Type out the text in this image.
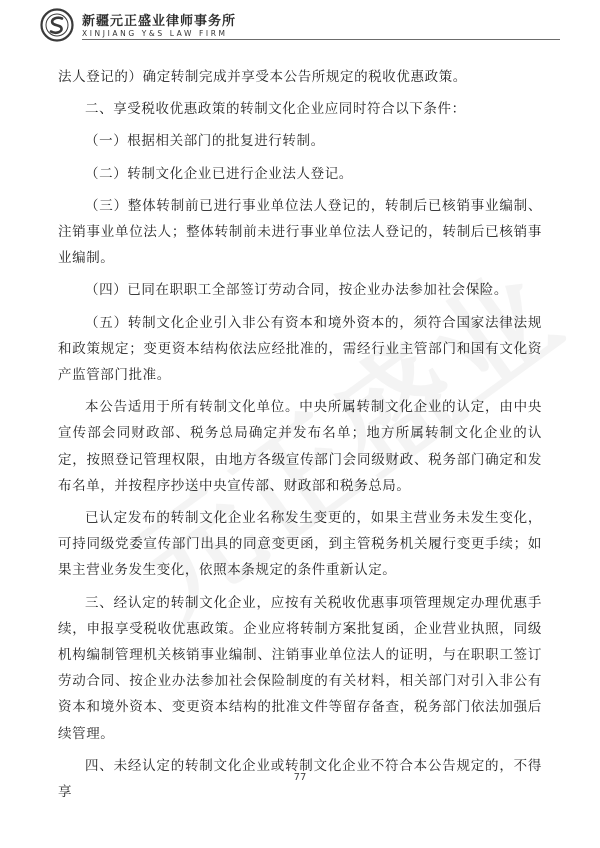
新疆元正盛业律师事务所
XINJIANG Y&S LAW FIRM

法人登记的）确定转制完成并享受本公告所规定的税收优惠政策。

二、享受税收优惠政策的转制文化企业应同时符合以下条件：

（一）根据相关部门的批复进行转制。

（二）转制文化企业已进行企业法人登记。

（三）整体转制前已进行事业单位法人登记的，转制后已核销事业编制、注销事业单位法人；整体转制前未进行事业单位法人登记的，转制后已核销事业编制。

（四）已同在职职工全部签订劳动合同，按企业办法参加社会保险。

（五）转制文化企业引入非公有资本和境外资本的，须符合国家法律法规和政策规定；变更资本结构依法应经批准的，需经行业主管部门和国有文化资产监管部门批准。

本公告适用于所有转制文化单位。中央所属转制文化企业的认定，由中央宣传部会同财政部、税务总局确定并发布名单；地方所属转制文化企业的认定，按照登记管理权限，由地方各级宣传部门会同级财政、税务部门确定和发布名单，并按程序抄送中央宣传部、财政部和税务总局。

已认定发布的转制文化企业名称发生变更的，如果主营业务未发生变化，可持同级党委宣传部门出具的同意变更函，到主管税务机关履行变更手续；如果主营业务发生变化，依照本条规定的条件重新认定。

三、经认定的转制文化企业，应按有关税收优惠事项管理规定办理优惠手续，申报享受税收优惠政策。企业应将转制方案批复函，企业营业执照，同级机构编制管理机关核销事业编制、注销事业单位法人的证明，与在职职工签订劳动合同、按企业办法参加社会保险制度的有关材料，相关部门对引入非公有资本和境外资本、变更资本结构的批准文件等留存备查，税务部门依法加强后续管理。

四、未经认定的转制文化企业或转制文化企业不符合本公告规定的，不得享

77
